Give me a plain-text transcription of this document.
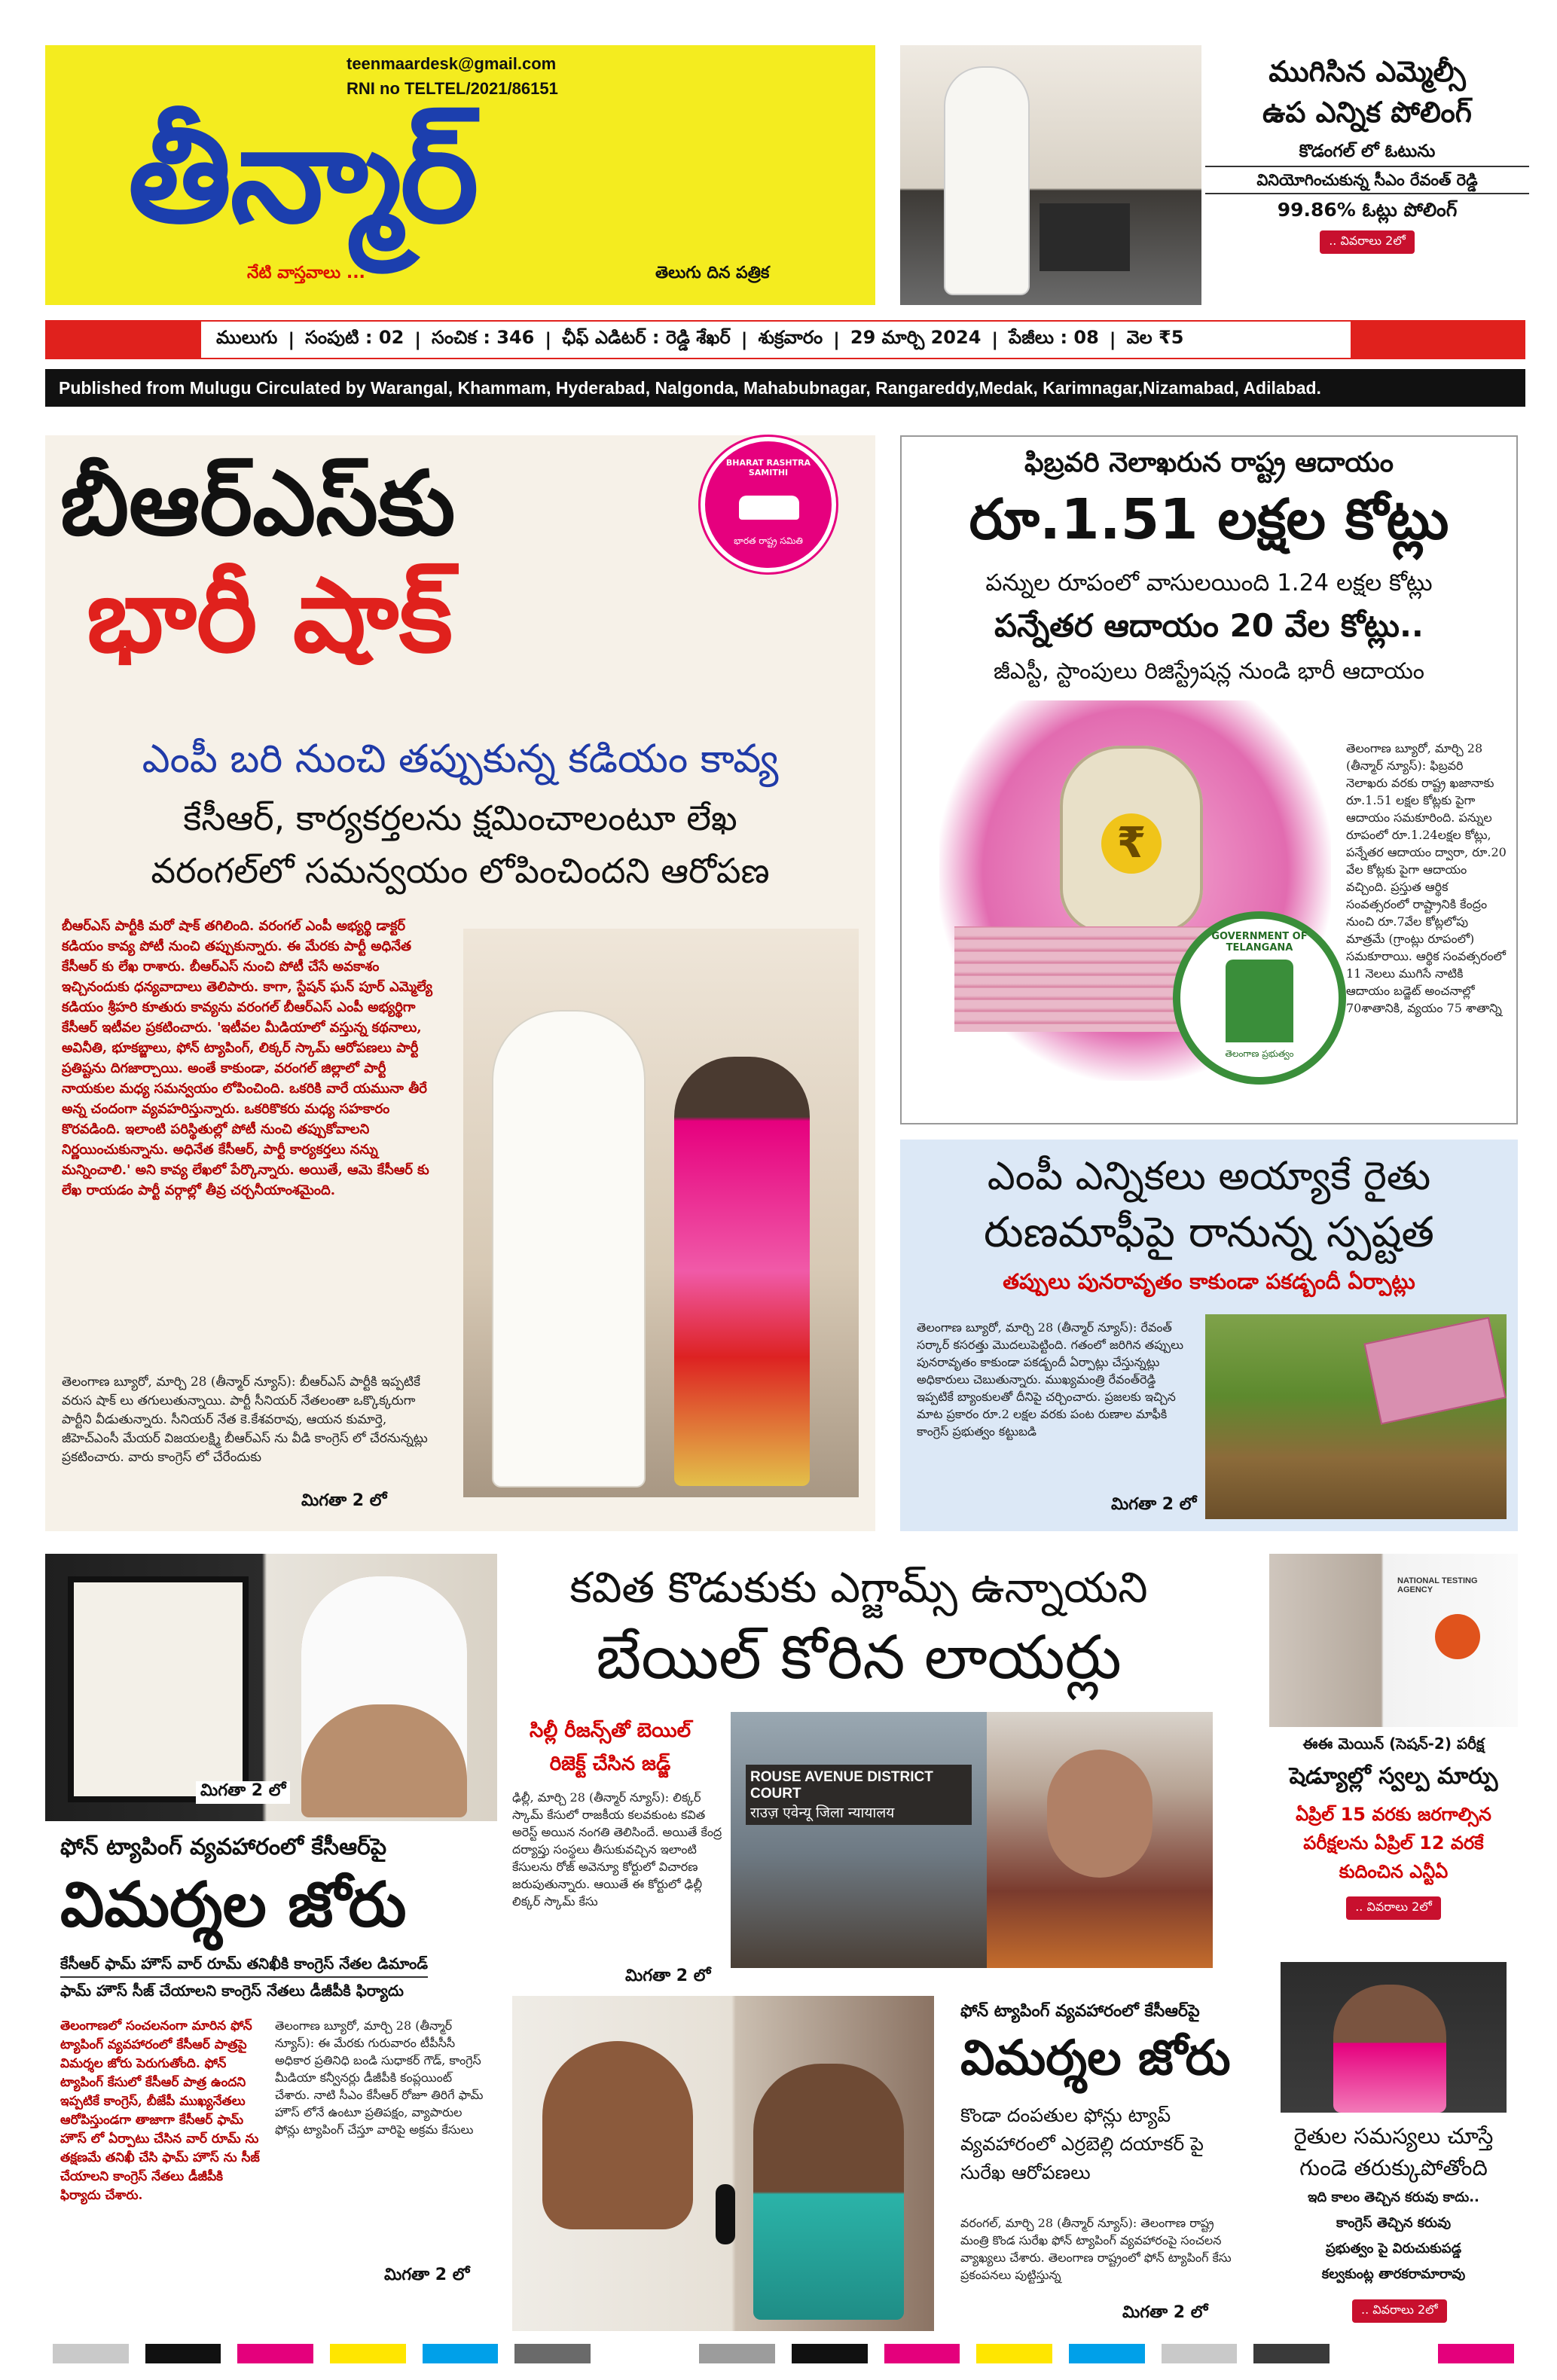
teenmaardesk@gmail.com
RNI no TELTEL/2021/86151
తీన్మార్
నేటి వాస్తవాలు ...	తెలుగు దిన పత్రిక
ముగిసిన ఎమ్మెల్సీ
ఉప ఎన్నిక పోలింగ్
కొడంగల్ లో ఓటును
వినియోగించుకున్న సీఎం రేవంత్ రెడ్డి
99.86% ఓట్లు పోలింగ్
.. వివరాలు 2లో
ములుగు | సంపుటి : 02 | సంచిక : 346 | ఛీఫ్ ఎడిటర్ : రెడ్డి శేఖర్ | శుక్రవారం | 29 మార్చి 2024 | పేజీలు : 08 | వెల ₹5
Published from Mulugu Circulated by Warangal, Khammam, Hyderabad, Nalgonda, Mahabubnagar, Rangareddy,Medak, Karimnagar,Nizamabad, Adilabad.
బీఆర్ఎస్‌కు
భారీ షాక్
BHARAT RASHTRA SAMITHI
భారత రాష్ట్ర సమితి
ఎంపీ బరి నుంచి తప్పుకున్న కడియం కావ్య
కేసీఆర్, కార్యకర్తలను క్షమించాలంటూ లేఖ
వరంగల్‌లో సమన్వయం లోపించిందని ఆరోపణ
బీఆర్ఎస్ పార్టీకి మరో షాక్ తగిలింది. వరంగల్ ఎంపీ అభ్యర్థి డాక్టర్ కడియం కావ్య పోటీ నుంచి తప్పుకున్నారు. ఈ మేరకు పార్టీ అధినేత కేసీఆర్ కు లేఖ రాశారు. బీఆర్ఎస్ నుంచి పోటీ చేసే అవకాశం ఇచ్చినందుకు ధన్యవాదాలు తెలిపారు. కాగా, స్టేషన్ ఘన్ పూర్ ఎమ్మెల్యే కడియం శ్రీహరి కూతురు కావ్యను వరంగల్ బీఆర్ఎస్ ఎంపీ అభ్యర్థిగా కేసీఆర్ ఇటీవల ప్రకటించారు. 'ఇటీవల మీడియాలో వస్తున్న కథనాలు, అవినీతి, భూకబ్జాలు, ఫోన్ ట్యాపింగ్, లిక్కర్ స్కామ్ ఆరోపణలు పార్టీ ప్రతిష్టను దిగజార్చాయి. అంతే కాకుండా, వరంగల్ జిల్లాలో పార్టీ నాయకుల మధ్య సమన్వయం లోపించింది. ఒకరికి వారే యమునా తీరే అన్న చందంగా వ్యవహరిస్తున్నారు. ఒకరికొకరు మధ్య సహకారం కొరవడింది. ఇలాంటి పరిస్థితుల్లో పోటీ నుంచి తప్పుకోవాలని నిర్ణయించుకున్నాను. అధినేత కేసీఆర్, పార్టీ కార్యకర్తలు నన్ను మన్నించాలి.' అని కావ్య లేఖలో పేర్కొన్నారు. అయితే, ఆమె కేసీఆర్ కు లేఖ రాయడం పార్టీ వర్గాల్లో తీవ్ర చర్చనీయాంశమైంది.
తెలంగాణ బ్యూరో, మార్చి 28 (తీన్మార్ న్యూస్): బీఆర్ఎస్ పార్టీకి ఇప్పటికే వరుస షాక్ లు తగులుతున్నాయి. పార్టీ సీనియర్ నేతలంతా ఒక్కొక్కరుగా పార్టీని వీడుతున్నారు. సీనియర్ నేత కె.కేశవరావు, ఆయన కుమార్తె, జీహెచ్ఎంసీ మేయర్ విజయలక్ష్మి బీఆర్ఎస్ ను వీడి కాంగ్రెస్ లో చేరనున్నట్లు ప్రకటించారు. వారు కాంగ్రెస్ లో చేరేందుకు
మిగతా 2 లో
ఫిబ్రవరి నెలాఖరున రాష్ట్ర ఆదాయం
రూ.1.51 లక్షల కోట్లు
పన్నుల రూపంలో వాసులయింది 1.24 లక్షల కోట్లు
పన్నేతర ఆదాయం 20 వేల కోట్లు..
జీఎస్టీ, స్టాంపులు రిజిస్ట్రేషన్ల నుండి భారీ ఆదాయం
₹
GOVERNMENT OF TELANGANA
తెలంగాణ ప్రభుత్వం
తెలంగాణ బ్యూరో, మార్చి 28 (తీన్మార్ న్యూస్): ఫిబ్రవరి నెలాఖరు వరకు రాష్ట్ర ఖజానాకు రూ.1.51 లక్షల కోట్లకు పైగా ఆదాయం సమకూరింది. పన్నుల రూపంలో రూ.1.24లక్షల కోట్లు, పన్నేతర ఆదాయం ద్వారా, రూ.20 వేల కోట్లకు పైగా ఆదాయం వచ్చింది. ప్రస్తుత ఆర్థిక సంవత్సరంలో రాష్ట్రానికి కేంద్రం నుంచి రూ.7వేల కోట్లలోపు మాత్రమే (గ్రాంట్లు రూపంలో) సమకూరాయి. ఆర్థిక సంవత్సరంలో 11 నెలలు ముగిసే నాటికి ఆదాయం బడ్జెట్ అంచనాల్లో 70శాతానికి, వ్యయం 75 శాతాన్ని
ఎంపీ ఎన్నికలు అయ్యాకే రైతు
రుణమాఫీపై రానున్న స్పష్టత
తప్పులు పునరావృతం కాకుండా పకడ్బందీ ఏర్పాట్లు
తెలంగాణ బ్యూరో, మార్చి 28 (తీన్మార్ న్యూస్): రేవంత్ సర్కార్ కసరత్తు మొదలుపెట్టింది. గతంలో జరిగిన తప్పులు పునరావృతం కాకుండా పకడ్బందీ ఏర్పాట్లు చేస్తున్నట్లు అధికారులు చెబుతున్నారు. ముఖ్యమంత్రి రేవంత్‌రెడ్డి ఇప్పటికే బ్యాంకులతో దీనిపై చర్చించారు. ప్రజలకు ఇచ్చిన మాట ప్రకారం రూ.2 లక్షల వరకు పంట రుణాల మాఫీకి కాంగ్రెస్ ప్రభుత్వం కట్టుబడి
మిగతా 2 లో
మిగతా 2 లో
ఫోన్ ట్యాపింగ్ వ్యవహారంలో కేసీఆర్‌పై
విమర్శల జోరు
కేసీఆర్ ఫామ్ హౌస్ వార్ రూమ్ తనిఖీకి కాంగ్రెస్ నేతల డిమాండ్
ఫామ్ హౌస్ సీజ్ చేయాలని కాంగ్రెస్ నేతలు డీజీపీకి ఫిర్యాదు
తెలంగాణలో సంచలనంగా మారిన ఫోన్ ట్యాపింగ్ వ్యవహారంలో కేసీఆర్ పాత్రపై విమర్శల జోరు పెరుగుతోంది. ఫోన్ ట్యాపింగ్ కేసులో కేసీఆర్ పాత్ర ఉందని ఇప్పటికే కాంగ్రెస్, బీజేపీ ముఖ్యనేతలు ఆరోపిస్తుండగా తాజాగా కేసీఆర్ ఫామ్ హౌస్ లో ఏర్పాటు చేసిన వార్ రూమ్ ను తక్షణమే తనిఖీ చేసి ఫామ్ హౌస్ ను సీజ్ చేయాలని కాంగ్రెస్ నేతలు డీజీపీకి ఫిర్యాదు చేశారు.
తెలంగాణ బ్యూరో, మార్చి 28 (తీన్మార్ న్యూస్): ఈ మేరకు గురువారం టీపీసీసీ అధికార ప్రతినిధి బండి సుధాకర్ గౌడ్, కాంగ్రెస్ మీడియా కన్వీనర్లు డీజీపీకి కంప్లయింట్ చేశారు. నాటి సీఎం కేసీఆర్ రోజూ తిరిగే ఫామ్ హౌస్ లోనే ఉంటూ ప్రతిపక్షం, వ్యాపారుల ఫోన్లు ట్యాపింగ్ చేస్తూ వారిపై అక్రమ కేసులు
మిగతా 2 లో
కవిత కొడుకుకు ఎగ్జామ్స్ ఉన్నాయని
బేయిల్ కోరిన లాయర్లు
సిల్లీ రీజన్స్‌తో బెయిల్
రిజెక్ట్ చేసిన జడ్జ్
ఢిల్లీ, మార్చి 28 (తీన్మార్ న్యూస్): లిక్కర్ స్కామ్ కేసులో రాజకీయ కలవకుంట కవిత అరెస్ట్ అయిన నంగతి తెలిసిందే. అయితే కేంద్ర దర్యాప్తు సంస్థలు తీసుకువచ్చిన ఇలాంటి కేసులను రోజ్ అవెన్యూ కోర్టులో విచారణ జరుపుతున్నారు. ఆయితే ఈ కోర్టులో ఢిల్లీ లిక్కర్ స్కామ్ కేసు
మిగతా 2 లో
ROUSE AVENUE DISTRICT COURT
राउज़ एवेन्यू जिला न्यायालय
NATIONAL TESTING AGENCY
ఈఈ మెయిన్ (సెషన్-2) పరీక్ష
షెడ్యూల్లో స్వల్ప మార్పు
ఏప్రిల్ 15 వరకు జరగాల్సిన
పరీక్షలను ఏప్రిల్ 12 వరకే
కుదించిన ఎన్టీఏ
.. వివరాలు 2లో
ఫోన్ ట్యాపింగ్ వ్యవహారంలో కేసీఆర్‌పై
విమర్శల జోరు
కొండా దంపతుల ఫోన్లు ట్యాప్ వ్యవహారంలో ఎర్రబెల్లి దయాకర్ పై సురేఖ ఆరోపణలు
వరంగల్, మార్చి 28 (తీన్మార్ న్యూస్): తెలంగాణ రాష్ట్ర మంత్రి కొండ సురేఖ ఫోన్ ట్యాపింగ్ వ్యవహారంపై సంచలన వ్యాఖ్యలు చేశారు. తెలంగాణ రాష్ట్రంలో ఫోన్ ట్యాపింగ్ కేసు ప్రకంపనలు పుట్టిస్తున్న
మిగతా 2 లో
రైతుల సమస్యలు చూస్తే
గుండె తరుక్కుపోతోంది
ఇది కాలం తెచ్చిన కరువు కాదు..
కాంగ్రెస్ తెచ్చిన కరువు
ప్రభుత్వం పై విరుచుకుపడ్డ
కల్వకుంట్ల తారకరామారావు
.. వివరాలు 2లో
